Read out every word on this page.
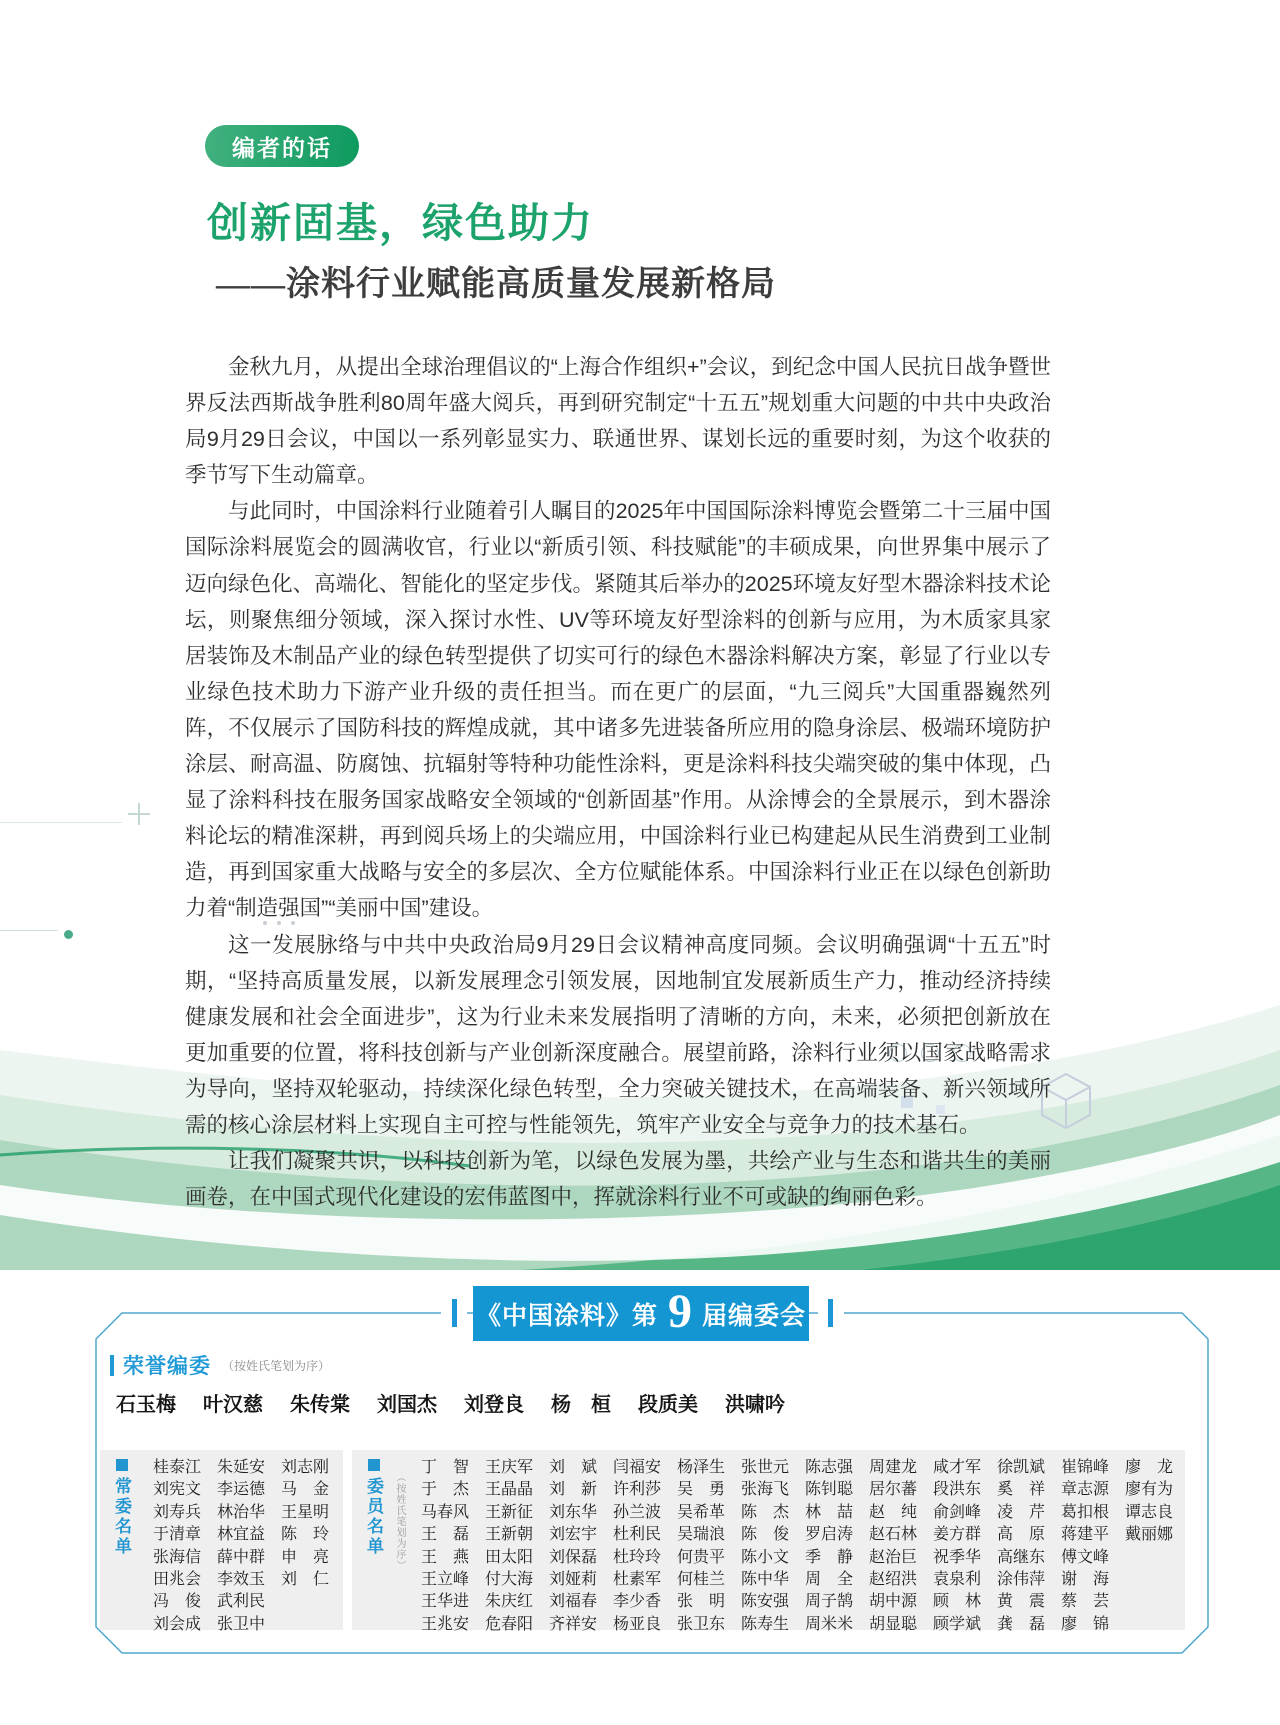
编者的话
创新固基，绿色助力
——涂料行业赋能高质量发展新格局

金秋九月，从提出全球治理倡议的“上海合作组织+”会议，到纪念中国人民抗日战争暨世界反法西斯战争胜利80周年盛大阅兵，再到研究制定“十五五”规划重大问题的中共中央政治局9月29日会议，中国以一系列彰显实力、联通世界、谋划长远的重要时刻，为这个收获的季节写下生动篇章。

与此同时，中国涂料行业随着引人瞩目的2025年中国国际涂料博览会暨第二十三届中国国际涂料展览会的圆满收官，行业以“新质引领、科技赋能”的丰硕成果，向世界集中展示了迈向绿色化、高端化、智能化的坚定步伐。紧随其后举办的2025环境友好型木器涂料技术论坛，则聚焦细分领域，深入探讨水性、UV等环境友好型涂料的创新与应用，为木质家具家居装饰及木制品产业的绿色转型提供了切实可行的绿色木器涂料解决方案，彰显了行业以专业绿色技术助力下游产业升级的责任担当。而在更广的层面，“九三阅兵”大国重器巍然列阵，不仅展示了国防科技的辉煌成就，其中诸多先进装备所应用的隐身涂层、极端环境防护涂层、耐高温、防腐蚀、抗辐射等特种功能性涂料，更是涂料科技尖端突破的集中体现，凸显了涂料科技在服务国家战略安全领域的“创新固基”作用。从涂博会的全景展示，到木器涂料论坛的精准深耕，再到阅兵场上的尖端应用，中国涂料行业已构建起从民生消费到工业制造，再到国家重大战略与安全的多层次、全方位赋能体系。中国涂料行业正在以绿色创新助力着“制造强国”“美丽中国”建设。

这一发展脉络与中共中央政治局9月29日会议精神高度同频。会议明确强调“十五五”时期，“坚持高质量发展，以新发展理念引领发展，因地制宜发展新质生产力，推动经济持续健康发展和社会全面进步”，这为行业未来发展指明了清晰的方向，未来，必须把创新放在更加重要的位置，将科技创新与产业创新深度融合。展望前路，涂料行业须以国家战略需求为导向，坚持双轮驱动，持续深化绿色转型，全力突破关键技术，在高端装备、新兴领域所需的核心涂层材料上实现自主可控与性能领先，筑牢产业安全与竞争力的技术基石。

让我们凝聚共识，以科技创新为笔，以绿色发展为墨，共绘产业与生态和谐共生的美丽画卷，在中国式现代化建设的宏伟蓝图中，挥就涂料行业不可或缺的绚丽色彩。

《中国涂料》第 9 届编委会
荣誉编委 （按姓氏笔划为序）
石玉梅 叶汉慈 朱传棠 刘国杰 刘登良 杨　桓 段质美 洪啸吟
常委名单
桂泰江 朱延安 刘志刚
刘宪文 李运德 马　金
刘寿兵 林治华 王星明
于清章 林宜益 陈　玲
张海信 薛中群 申　亮
田兆会 李效玉 刘　仁
冯　俊 武利民
刘会成 张卫中
委员名单	（按姓氏笔划为序）
丁　智 王庆军 刘　斌 闫福安 杨泽生 张世元 陈志强 周建龙 咸才军 徐凯斌 崔锦峰 廖　龙
于　杰 王晶晶 刘　新 许利莎 吴　勇 张海飞 陈钊聪 居尔蕃 段洪东 奚　祥 章志源 廖有为
马春风 王新征 刘东华 孙兰波 吴希革 陈　杰 林　喆 赵　纯 俞剑峰 凌　芹 葛扣根 谭志良
王　磊 王新朝 刘宏宇 杜利民 吴瑞浪 陈　俊 罗启涛 赵石林 姜方群 高　原 蒋建平 戴丽娜
王　燕 田太阳 刘保磊 杜玲玲 何贵平 陈小文 季　静 赵治巨 祝季华 高继东 傅文峰
王立峰 付大海 刘娅莉 杜素军 何桂兰 陈中华 周　全 赵绍洪 袁泉利 涂伟萍 谢　海
王华进 朱庆红 刘福春 李少香 张　明 陈安强 周子鹄 胡中源 顾　林 黄　震 蔡　芸
王兆安 危春阳 齐祥安 杨亚良 张卫东 陈寿生 周米米 胡显聪 顾学斌 龚　磊 廖　锦
